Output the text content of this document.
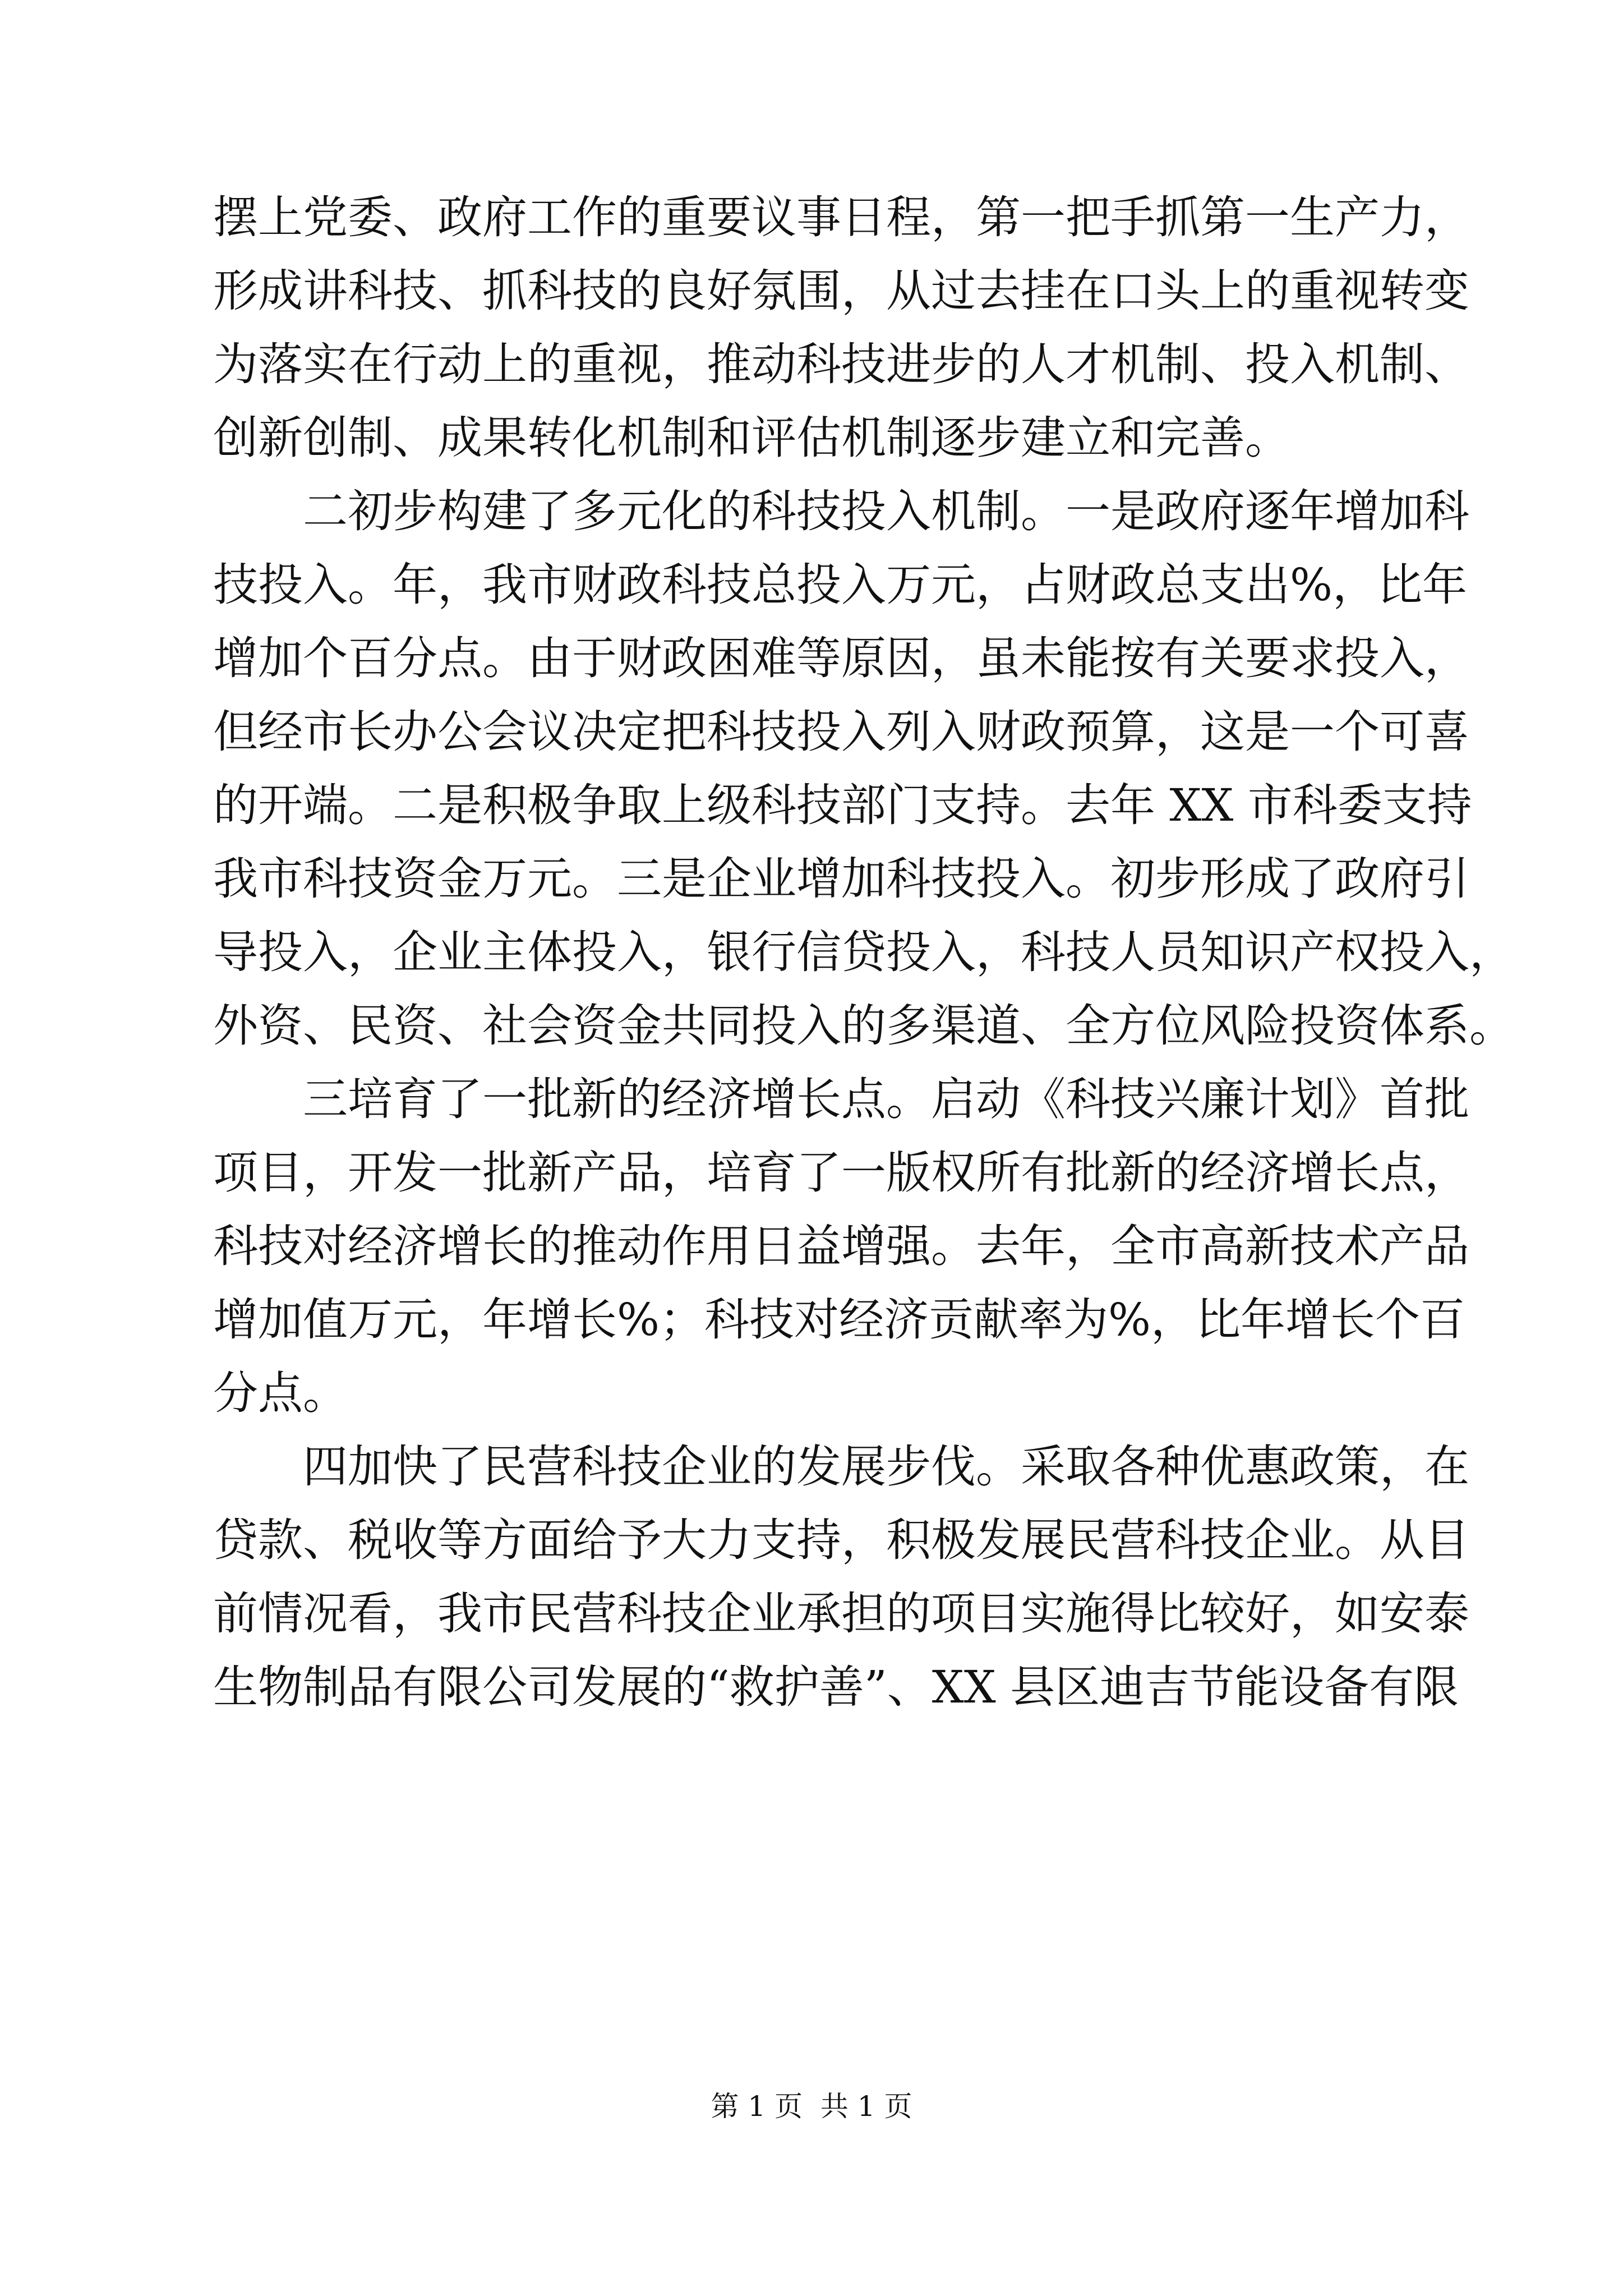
摆上党委、政府工作的重要议事日程，第一把手抓第一生产力，
形成讲科技、抓科技的良好氛围，从过去挂在口头上的重视转变
为落实在行动上的重视，推动科技进步的人才机制、投入机制、
创新创制、成果转化机制和评估机制逐步建立和完善。
二初步构建了多元化的科技投入机制。一是政府逐年增加科
技投入。年，我市财政科技总投入万元，占财政总支出%，比年
增加个百分点。由于财政困难等原因，虽未能按有关要求投入，
但经市长办公会议决定把科技投入列入财政预算，这是一个可喜
的开端。二是积极争取上级科技部门支持。去年 XX 市科委支持
我市科技资金万元。三是企业增加科技投入。初步形成了政府引
导投入，企业主体投入，银行信贷投入，科技人员知识产权投入，
外资、民资、社会资金共同投入的多渠道、全方位风险投资体系。
三培育了一批新的经济增长点。启动《科技兴廉计划》首批
项目，开发一批新产品，培育了一版权所有批新的经济增长点，
科技对经济增长的推动作用日益增强。去年，全市高新技术产品
增加值万元，年增长%；科技对经济贡献率为%，比年增长个百
分点。
四加快了民营科技企业的发展步伐。采取各种优惠政策，在
贷款、税收等方面给予大力支持，积极发展民营科技企业。从目
前情况看，我市民营科技企业承担的项目实施得比较好，如安泰
生物制品有限公司发展的“救护善”、XX 县区迪吉节能设备有限
第 1 页  共 1 页
